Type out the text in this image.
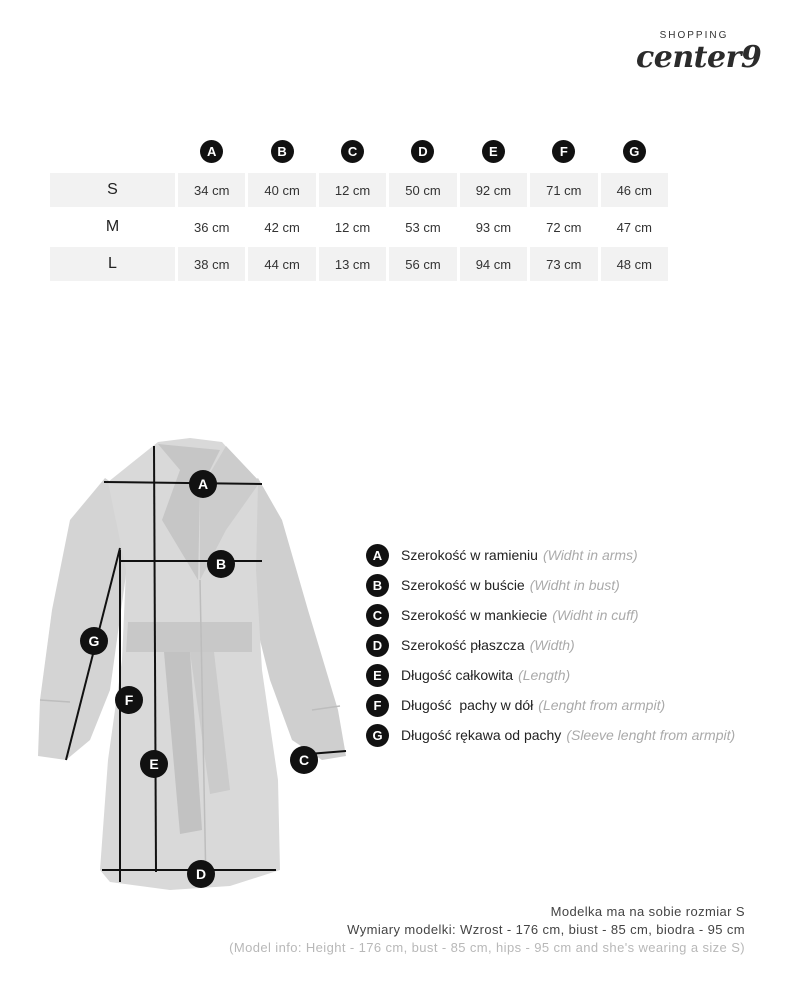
SHOPPING
center9
	A	B	C	D	E	F	G
S	34 cm	40 cm	12 cm	50 cm	92 cm	71 cm	46 cm
M	36 cm	42 cm	12 cm	53 cm	93 cm	72 cm	47 cm
L	38 cm	44 cm	13 cm	56 cm	94 cm	73 cm	48 cm
A
B
C
D
E
F
G
A	Szerokość w ramieniu (Widht in arms)
B	Szerokość w buście (Widht in bust)
C	Szerokość w mankiecie (Widht in cuff)
D	Szerokość płaszcza (Width)
E	Długość całkowita (Length)
F	Długość  pachy w dół (Lenght from armpit)
G	Długość rękawa od pachy (Sleeve lenght from armpit)
Modelka ma na sobie rozmiar S
Wymiary modelki: Wzrost - 176 cm, biust - 85 cm, biodra - 95 cm
(Model info: Height - 176 cm, bust - 85 cm, hips - 95 cm and she's wearing a size S)
